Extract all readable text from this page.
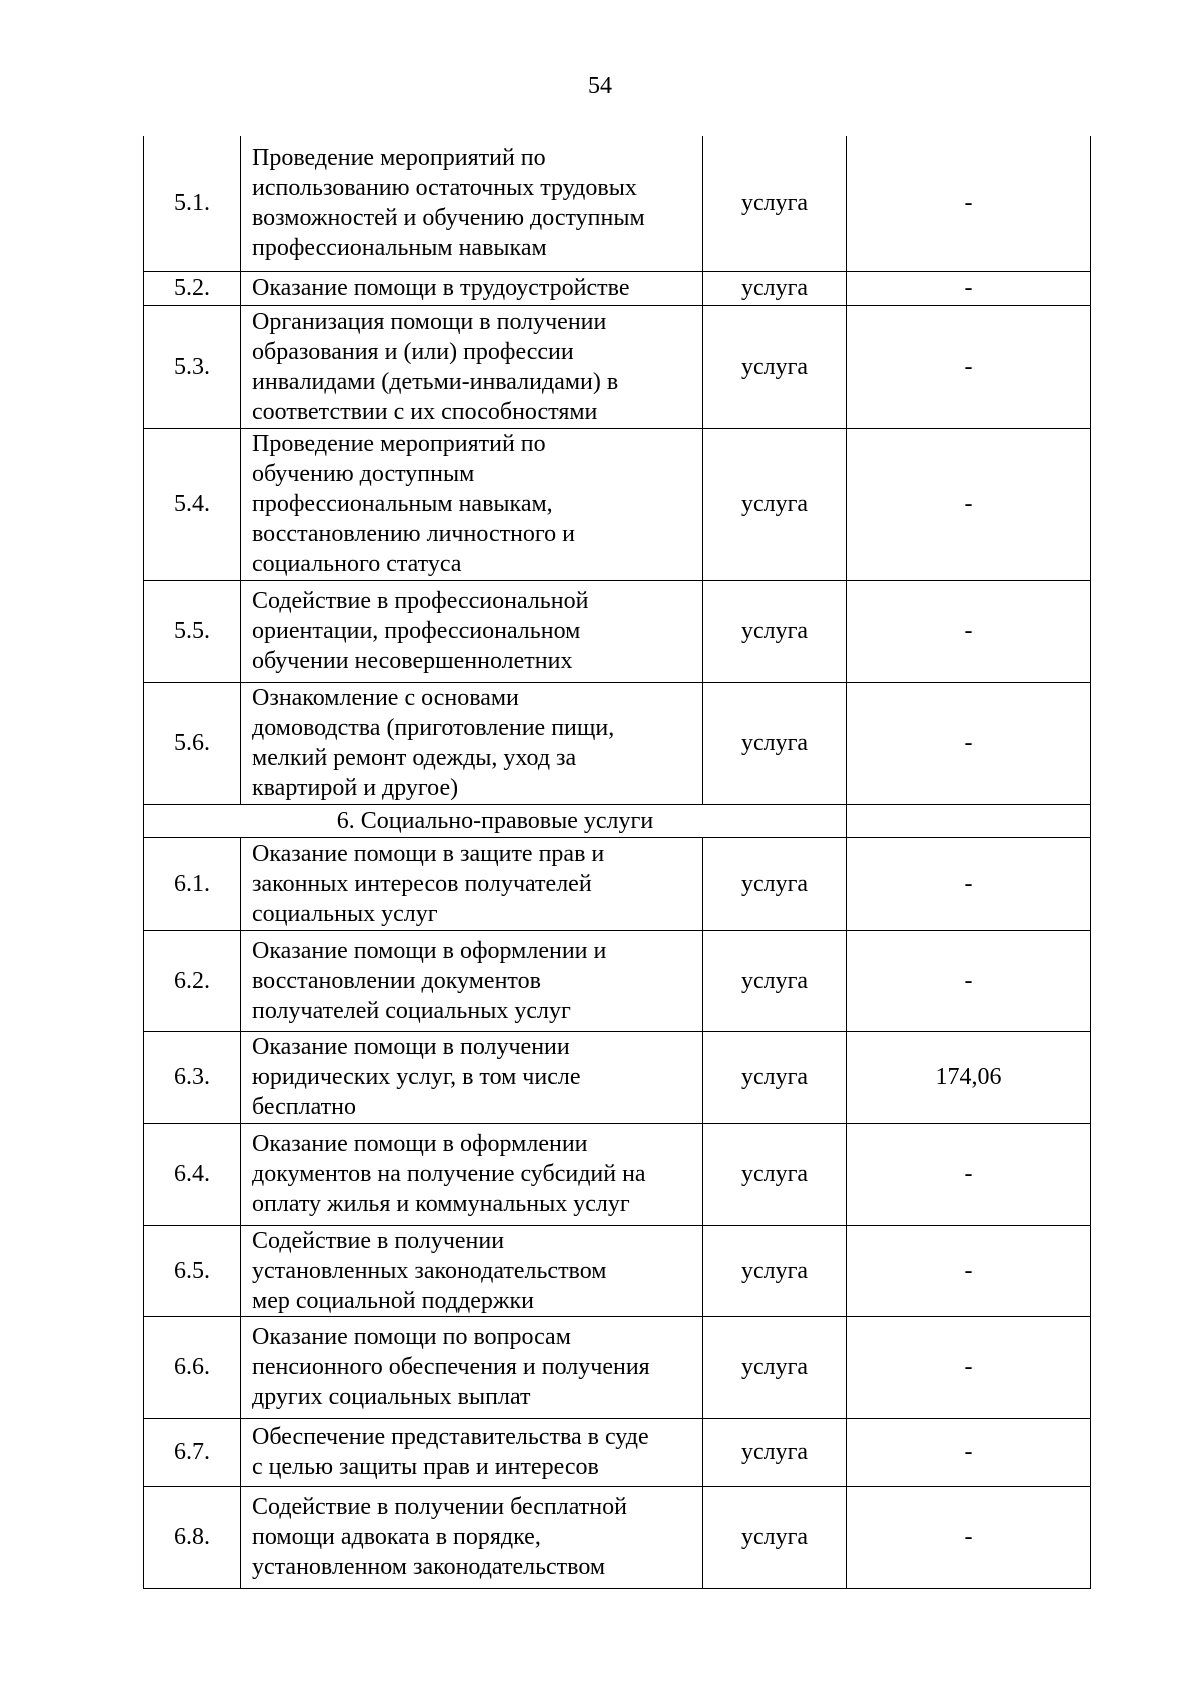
54
5.1.	Проведение мероприятий по
использованию остаточных трудовых
возможностей и обучению доступным
профессиональным навыкам	услуга	-
5.2.	Оказание помощи в трудоустройстве	услуга	-
5.3.	Организация помощи в получении
образования и (или) профессии
инвалидами (детьми-инвалидами) в
соответствии с их способностями	услуга	-
5.4.	Проведение мероприятий по
обучению доступным
профессиональным навыкам,
восстановлению личностного и
социального статуса	услуга	-
5.5.	Содействие в профессиональной
ориентации, профессиональном
обучении несовершеннолетних	услуга	-
5.6.	Ознакомление с основами
домоводства (приготовление пищи,
мелкий ремонт одежды, уход за
квартирой и другое)	услуга	-
6. Социально-правовые услуги			
6.1.	Оказание помощи в защите прав и
законных интересов получателей
социальных услуг	услуга	-
6.2.	Оказание помощи в оформлении и
восстановлении документов
получателей социальных услуг	услуга	-
6.3.	Оказание помощи в получении
юридических услуг, в том числе
бесплатно	услуга	174,06
6.4.	Оказание помощи в оформлении
документов на получение субсидий на
оплату жилья и коммунальных услуг	услуга	-
6.5.	Содействие в получении
установленных законодательством
мер социальной поддержки	услуга	-
6.6.	Оказание помощи по вопросам
пенсионного обеспечения и получения
других социальных выплат	услуга	-
6.7.	Обеспечение представительства в суде
с целью защиты прав и интересов	услуга	-
6.8.	Содействие в получении бесплатной
помощи адвоката в порядке,
установленном законодательством	услуга	-
